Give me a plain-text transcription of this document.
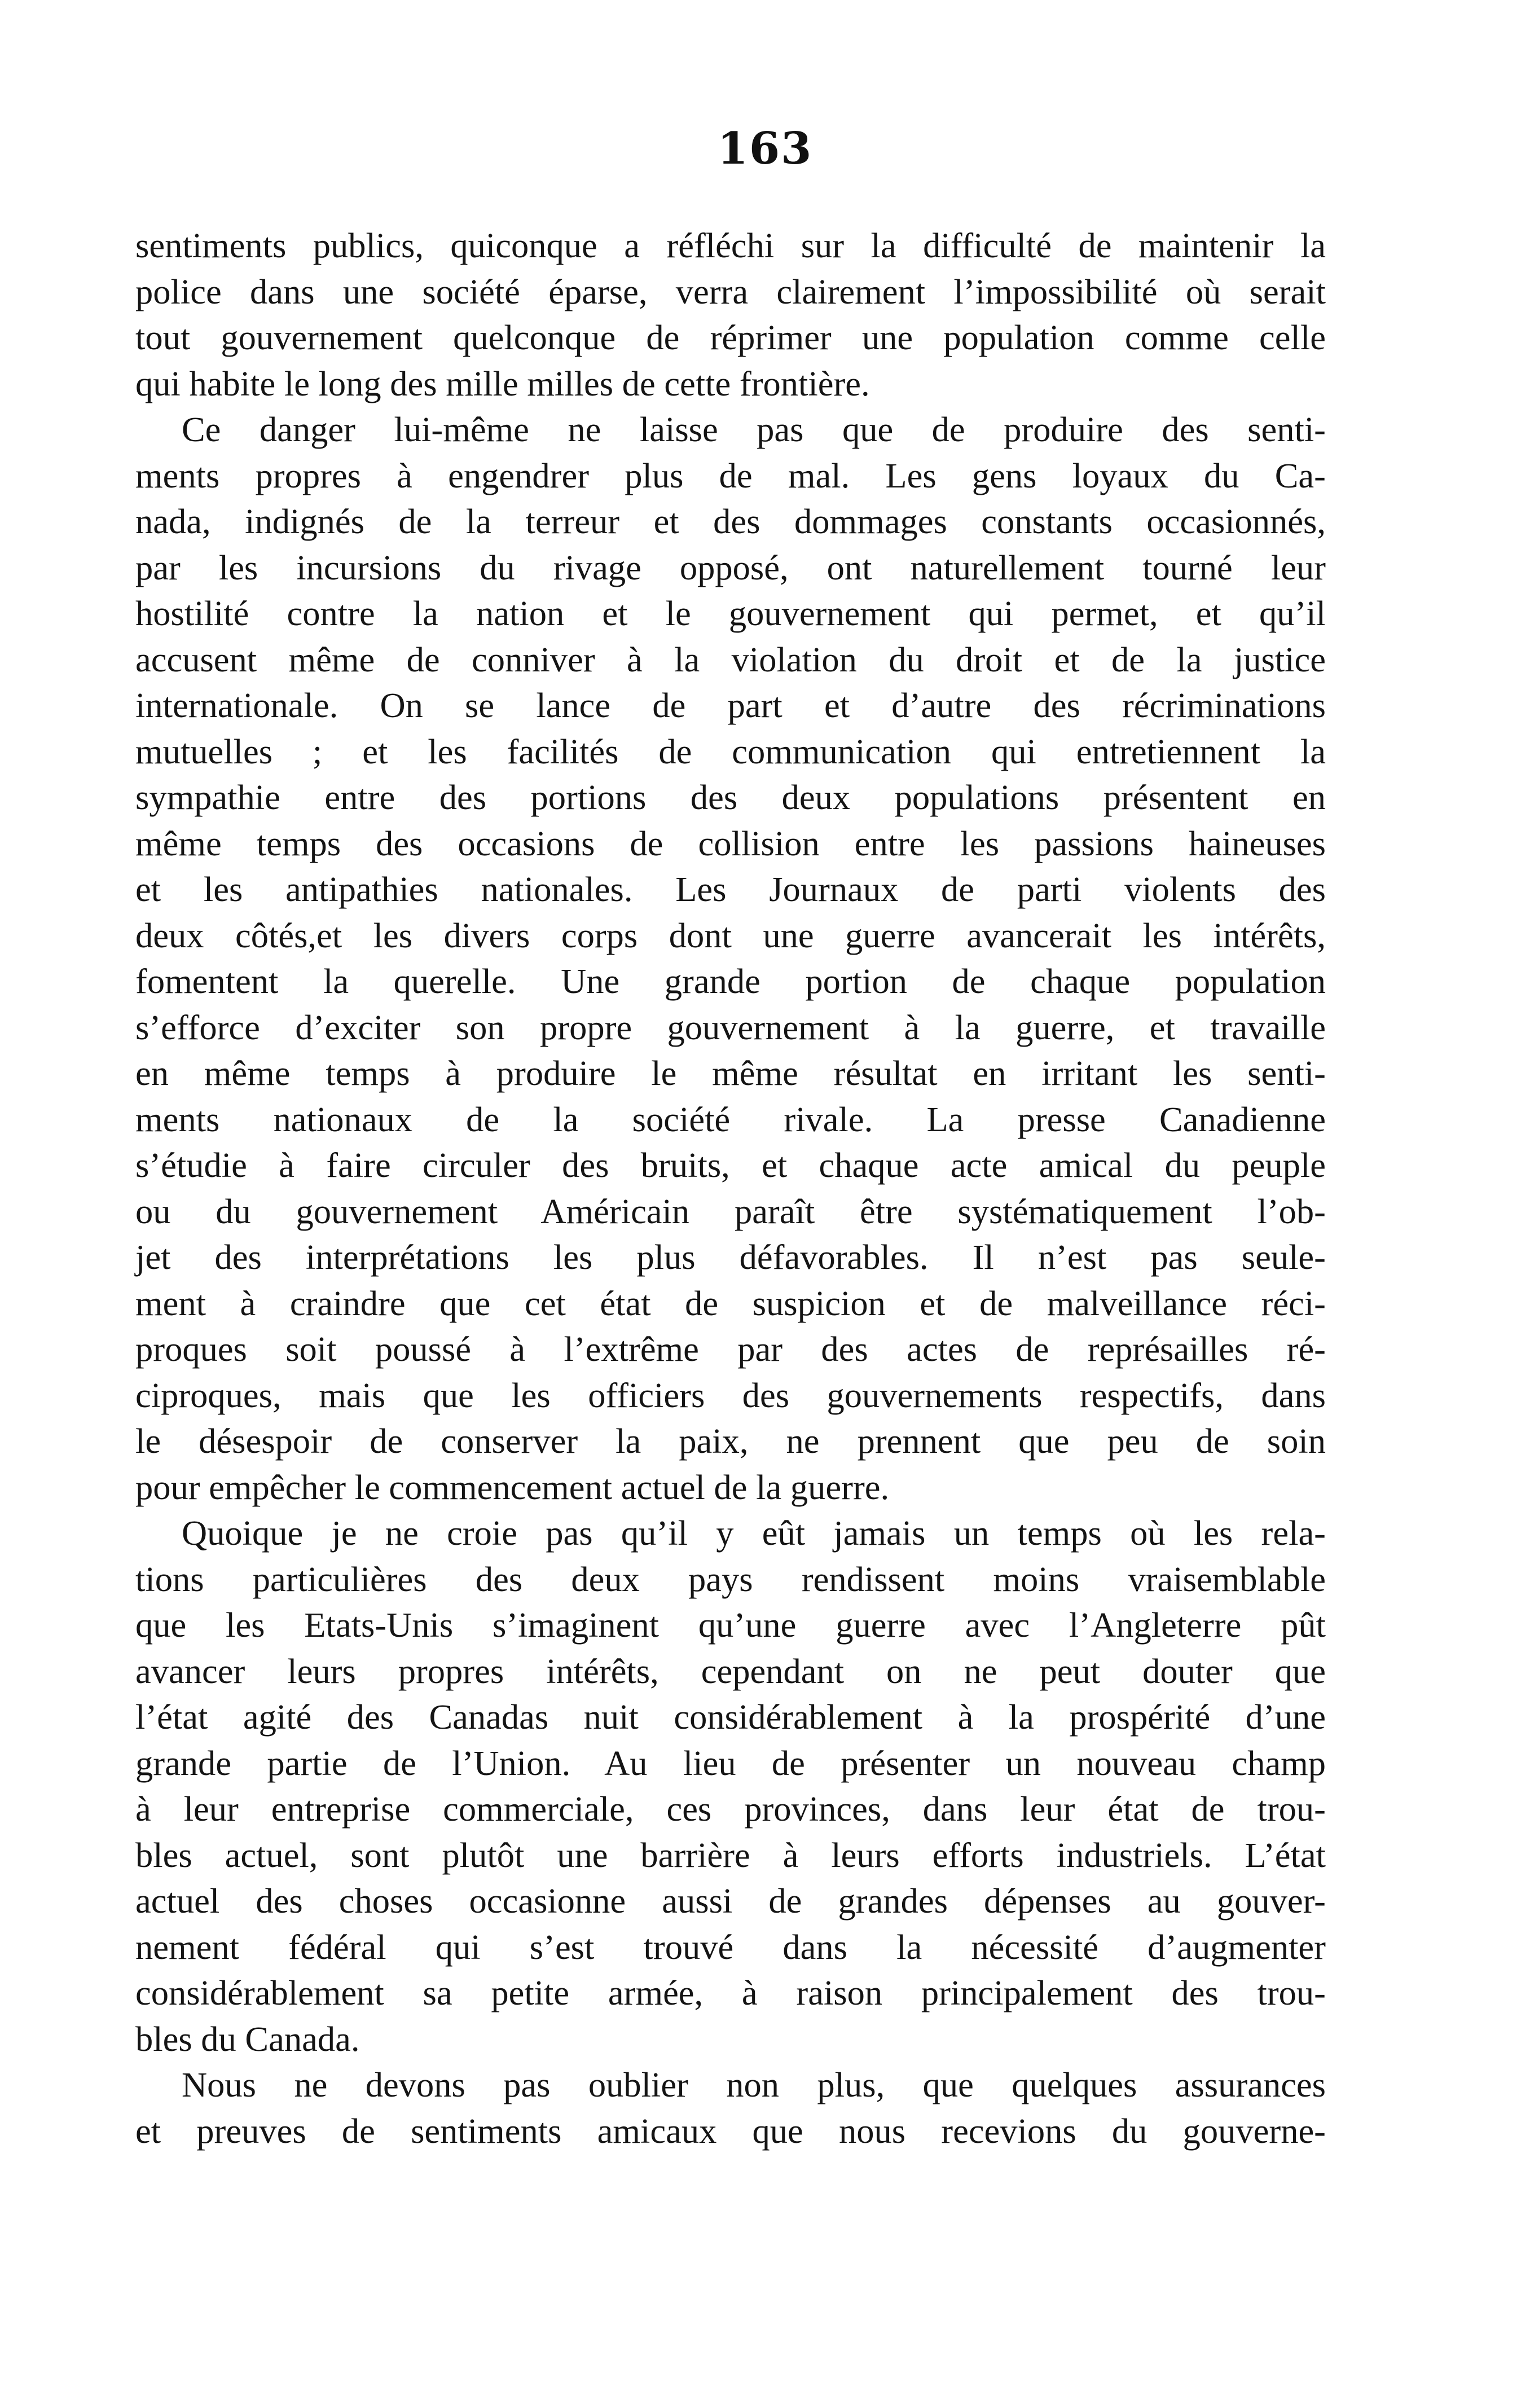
163
sentiments publics, quiconque a réfléchi sur la difficulté de maintenir la
police dans une société éparse, verra clairement l’impossibilité où serait
tout gouvernement quelconque de réprimer une population comme celle
qui habite le long des mille milles de cette frontière.
Ce danger lui-même ne laisse pas que de produire des senti-
ments propres à engendrer plus de mal. Les gens loyaux du Ca-
nada, indignés de la terreur et des dommages constants occasionnés,
par les incursions du rivage opposé, ont naturellement tourné leur
hostilité contre la nation et le gouvernement qui permet, et qu’il
accusent même de conniver à la violation du droit et de la justice
internationale. On se lance de part et d’autre des récriminations
mutuelles ; et les facilités de communication qui entretiennent la
sympathie entre des portions des deux populations présentent en
même temps des occasions de collision entre les passions haineuses
et les antipathies nationales. Les Journaux de parti violents des
deux côtés,et les divers corps dont une guerre avancerait les intérêts,
fomentent la querelle. Une grande portion de chaque population
s’efforce d’exciter son propre gouvernement à la guerre, et travaille
en même temps à produire le même résultat en irritant les senti-
ments nationaux de la société rivale. La presse Canadienne
s’étudie à faire circuler des bruits, et chaque acte amical du peuple
ou du gouvernement Américain paraît être systématiquement l’ob-
jet des interprétations les plus défavorables. Il n’est pas seule-
ment à craindre que cet état de suspicion et de malveillance réci-
proques soit poussé à l’extrême par des actes de représailles ré-
ciproques, mais que les officiers des gouvernements respectifs, dans
le désespoir de conserver la paix, ne prennent que peu de soin
pour empêcher le commencement actuel de la guerre.
Quoique je ne croie pas qu’il y eût jamais un temps où les rela-
tions particulières des deux pays rendissent moins vraisemblable
que les Etats-Unis s’imaginent qu’une guerre avec l’Angleterre pût
avancer leurs propres intérêts, cependant on ne peut douter que
l’état agité des Canadas nuit considérablement à la prospérité d’une
grande partie de l’Union. Au lieu de présenter un nouveau champ
à leur entreprise commerciale, ces provinces, dans leur état de trou-
bles actuel, sont plutôt une barrière à leurs efforts industriels. L’état
actuel des choses occasionne aussi de grandes dépenses au gouver-
nement fédéral qui s’est trouvé dans la nécessité d’augmenter
considérablement sa petite armée, à raison principalement des trou-
bles du Canada.
Nous ne devons pas oublier non plus, que quelques assurances
et preuves de sentiments amicaux que nous recevions du gouverne-
